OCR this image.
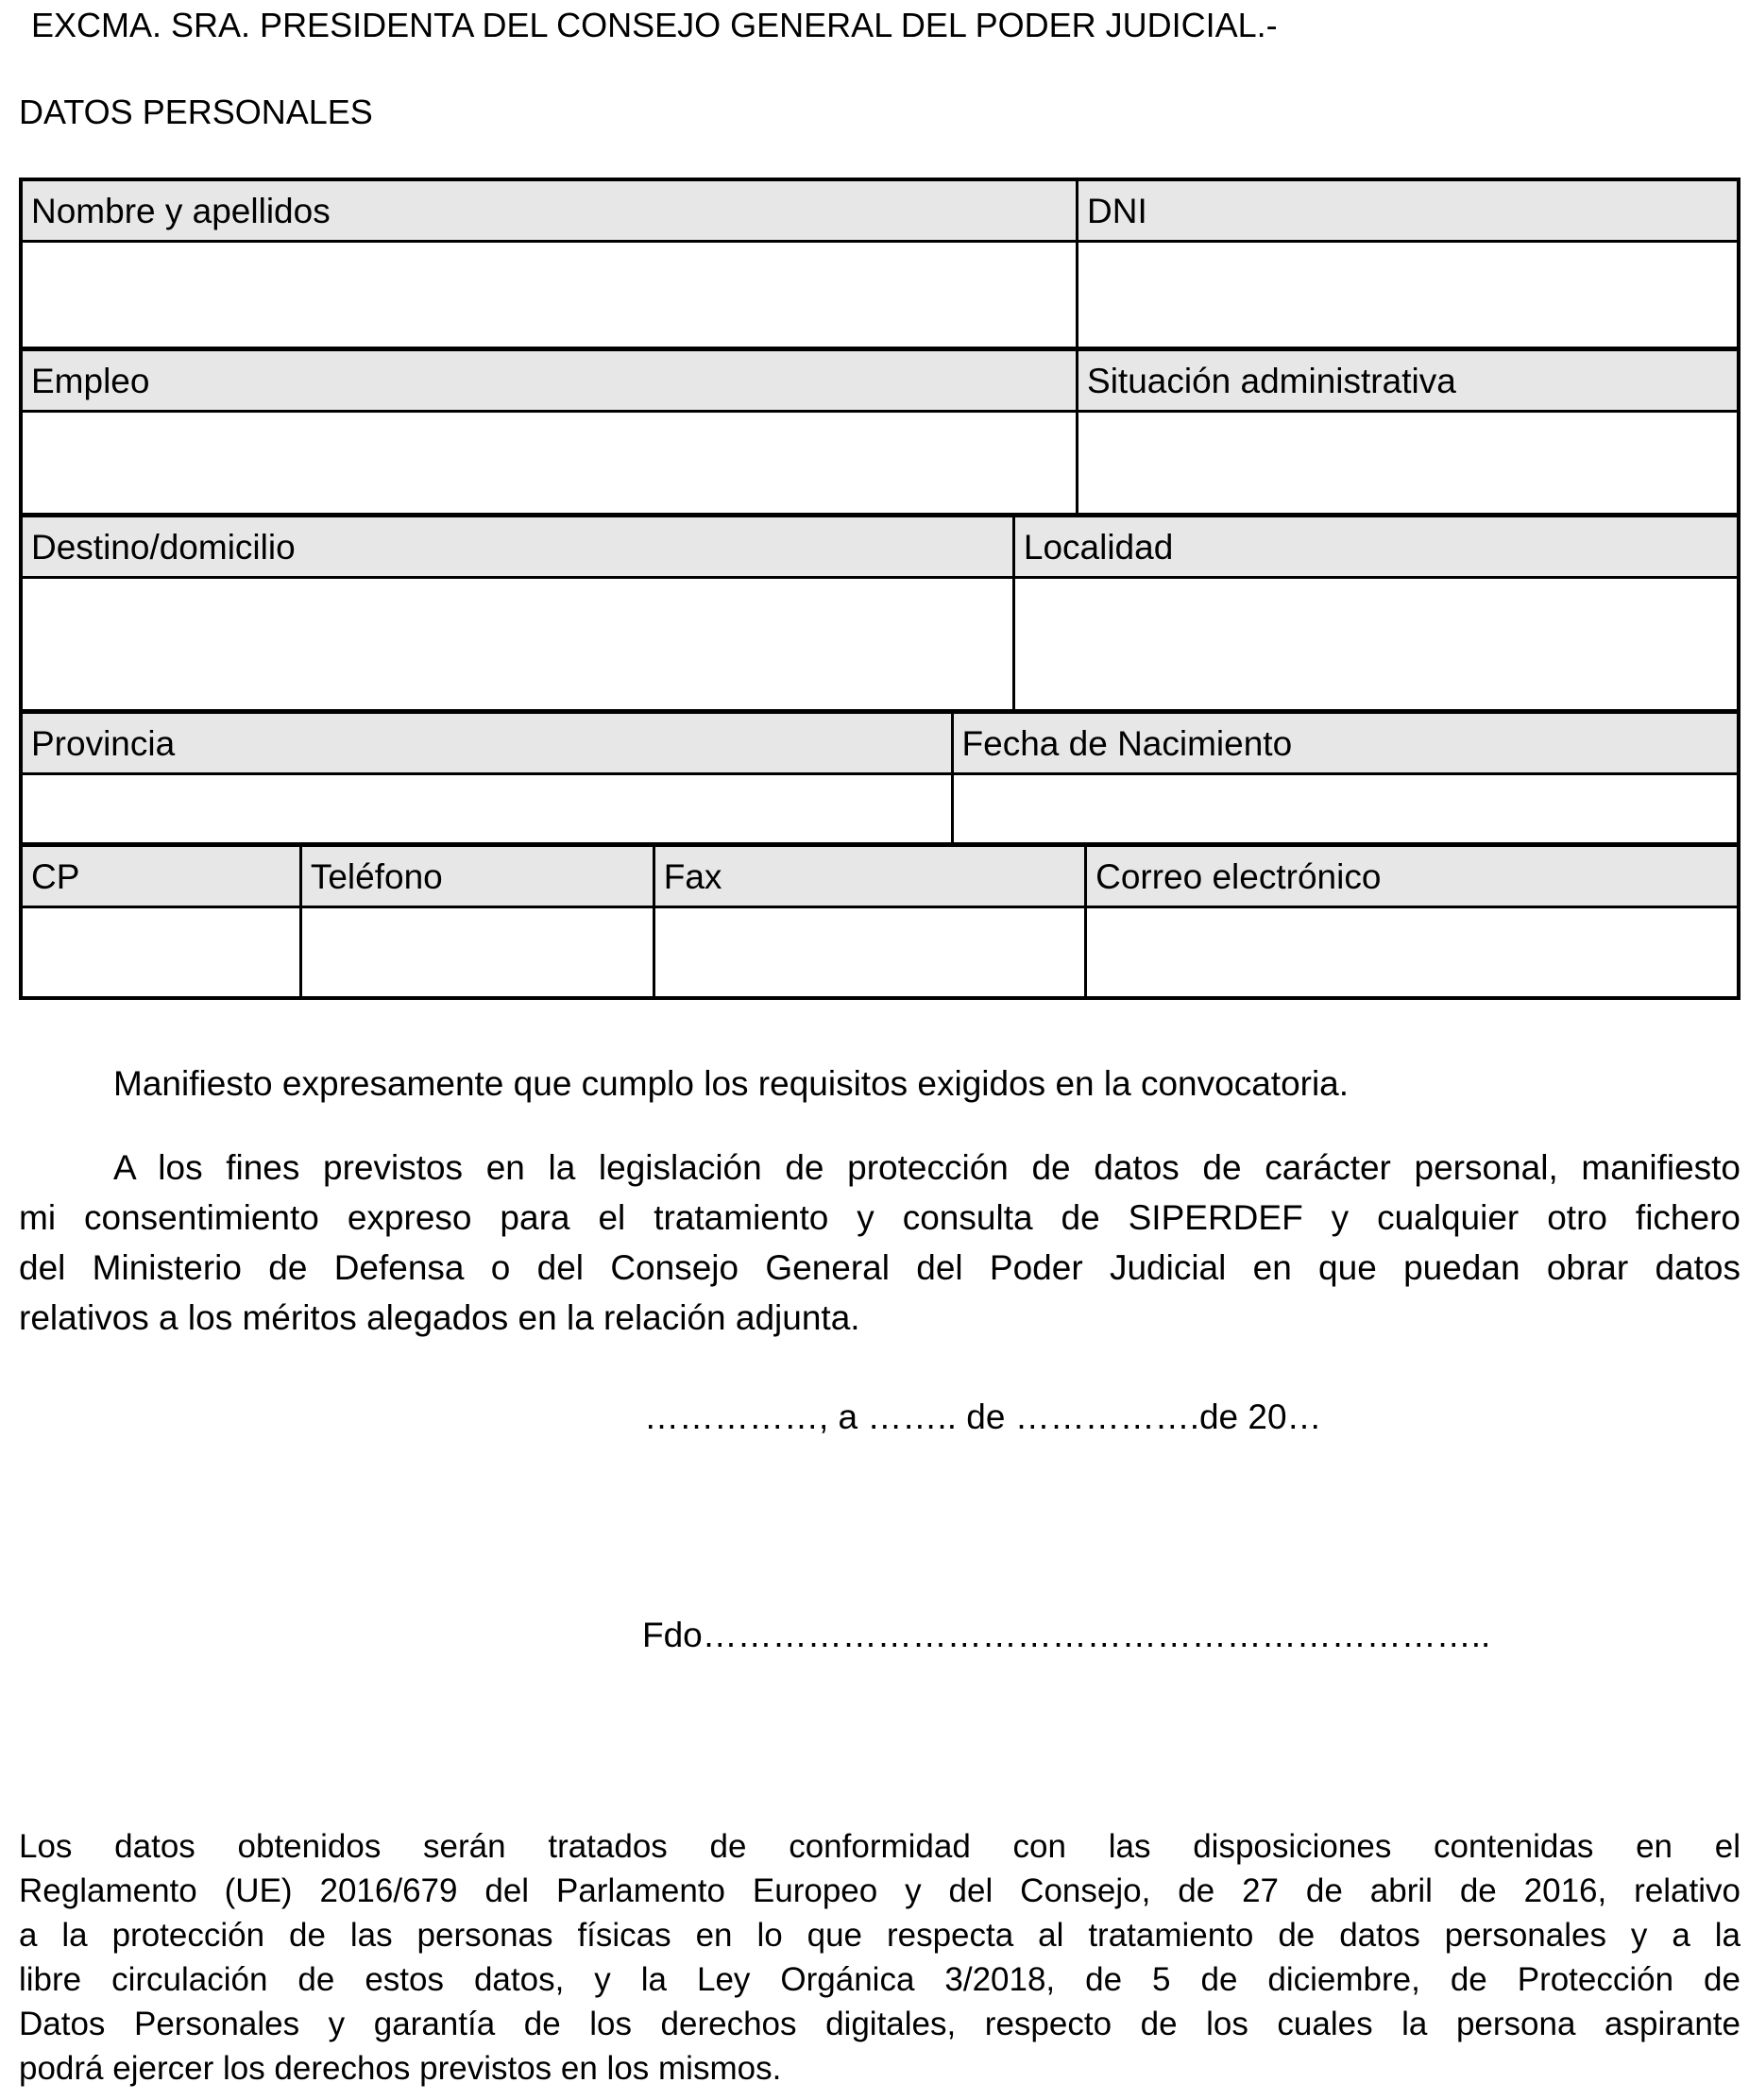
EXCMA. SRA. PRESIDENTA DEL CONSEJO GENERAL DEL PODER JUDICIAL.-
DATOS PERSONALES
Nombre y apellidos	DNI
Empleo	Situación administrativa
Destino/domicilio	Localidad
Provincia	Fecha de Nacimiento
CP	Teléfono	Fax	Correo electrónico

Manifiesto expresamente que cumplo los requisitos exigidos en la convocatoria.

A los fines previstos en la legislación de protección de datos de carácter personal, manifiesto
mi consentimiento expreso para el tratamiento y consulta de SIPERDEF y cualquier otro fichero
del Ministerio de Defensa o del Consejo General del Poder Judicial en que puedan obrar datos
relativos a los méritos alegados en la relación adjunta.
……………, a …….. de …………….de 20…
Fdo…………………………………………………………..
Los datos obtenidos serán tratados de conformidad con las disposiciones contenidas en el
Reglamento (UE) 2016/679 del Parlamento Europeo y del Consejo, de 27 de abril de 2016, relativo
a la protección de las personas físicas en lo que respecta al tratamiento de datos personales y a la
libre circulación de estos datos, y la Ley Orgánica 3/2018, de 5 de diciembre, de Protección de
Datos Personales y garantía de los derechos digitales, respecto de los cuales la persona aspirante
podrá ejercer los derechos previstos en los mismos.
